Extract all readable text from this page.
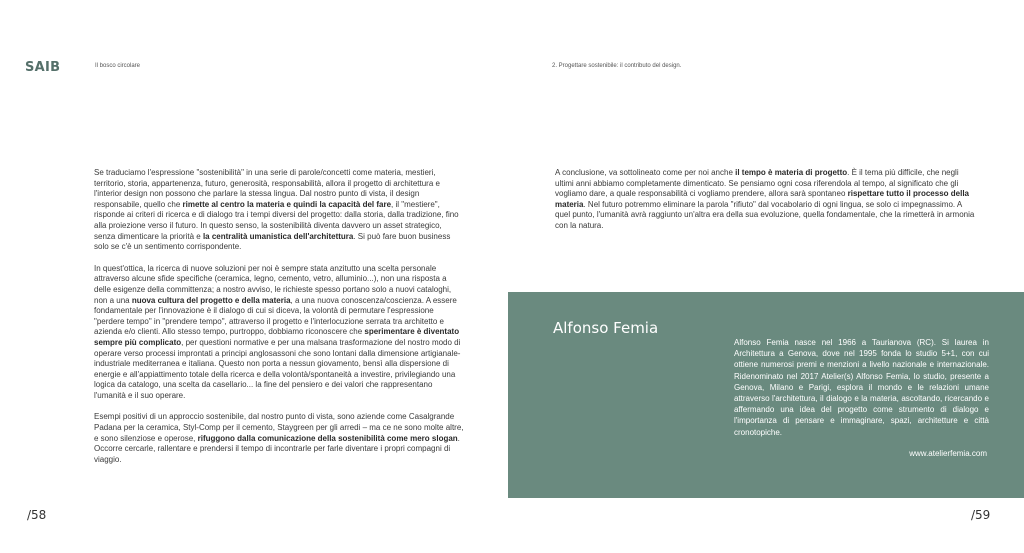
SAIB	Il bosco circolare	2. Progettare sostenibile: il contributo del design.

Se traduciamo l'espressione "sostenibilità" in una serie di parole/concetti come materia, mestieri, territorio, storia, appartenenza, futuro, generosità, responsabilità, allora il progetto di architettura e l'interior design non possono che parlare la stessa lingua. Dal nostro punto di vista, il design responsabile, quello che rimette al centro la materia e quindi la capacità del fare, il "mestiere", risponde ai criteri di ricerca e di dialogo tra i tempi diversi del progetto: dalla storia, dalla tradizione, fino alla proiezione verso il futuro. In questo senso, la sostenibilità diventa davvero un asset strategico, senza dimenticare la priorità e la centralità umanistica dell'architettura. Si può fare buon business solo se c'è un sentimento corrispondente.

In quest'ottica, la ricerca di nuove soluzioni per noi è sempre stata anzitutto una scelta personale attraverso alcune sfide specifiche (ceramica, legno, cemento, vetro, alluminio...), non una risposta a delle esigenze della committenza; a nostro avviso, le richieste spesso portano solo a nuovi cataloghi, non a una nuova cultura del progetto e della materia, a una nuova conoscenza/coscienza. A essere fondamentale per l'innovazione è il dialogo di cui si diceva, la volontà di permutare l'espressione "perdere tempo" in "prendere tempo", attraverso il progetto e l'interlocuzione serrata tra architetto e azienda e/o clienti. Allo stesso tempo, purtroppo, dobbiamo riconoscere che sperimentare è diventato sempre più complicato, per questioni normative e per una malsana trasformazione del nostro modo di operare verso processi improntati a principi anglosassoni che sono lontani dalla dimensione artigianale-industriale mediterranea e italiana. Questo non porta a nessun giovamento, bensì alla dispersione di energie e all'appiattimento totale della ricerca e della volontà/spontaneità a investire, privilegiando una logica da catalogo, una scelta da casellario... la fine del pensiero e dei valori che rappresentano l'umanità e il suo operare.

Esempi positivi di un approccio sostenibile, dal nostro punto di vista, sono aziende come Casalgrande Padana per la ceramica, Styl-Comp per il cemento, Staygreen per gli arredi – ma ce ne sono molte altre, e sono silenziose e operose, rifuggono dalla comunicazione della sostenibilità come mero slogan. Occorre cercarle, rallentare e prendersi il tempo di incontrarle per farle diventare i propri compagni di viaggio.

A conclusione, va sottolineato come per noi anche il tempo è materia di progetto. È il tema più difficile, che negli ultimi anni abbiamo completamente dimenticato. Se pensiamo ogni cosa riferendola al tempo, al significato che gli vogliamo dare, a quale responsabilità ci vogliamo prendere, allora sarà spontaneo rispettare tutto il processo della materia. Nel futuro potremmo eliminare la parola "rifiuto" dal vocabolario di ogni lingua, se solo ci impegnassimo. A quel punto, l'umanità avrà raggiunto un'altra era della sua evoluzione, quella fondamentale, che la rimetterà in armonia con la natura.

Alfonso Femia
Alfonso Femia nasce nel 1966 a Taurianova (RC). Si laurea in Architettura a Genova, dove nel 1995 fonda lo studio 5+1, con cui ottiene numerosi premi e menzioni a livello nazionale e internazionale. Ridenominato nel 2017 Atelier(s) Alfonso Femia, lo studio, presente a Genova, Milano e Parigi, esplora il mondo e le relazioni umane attraverso l'architettura, il dialogo e la materia, ascoltando, ricercando e affermando una idea del progetto come strumento di dialogo e l'importanza di pensare e immaginare, spazi, architetture e città cronotopiche.
www.atelierfemia.com
/58	/59
